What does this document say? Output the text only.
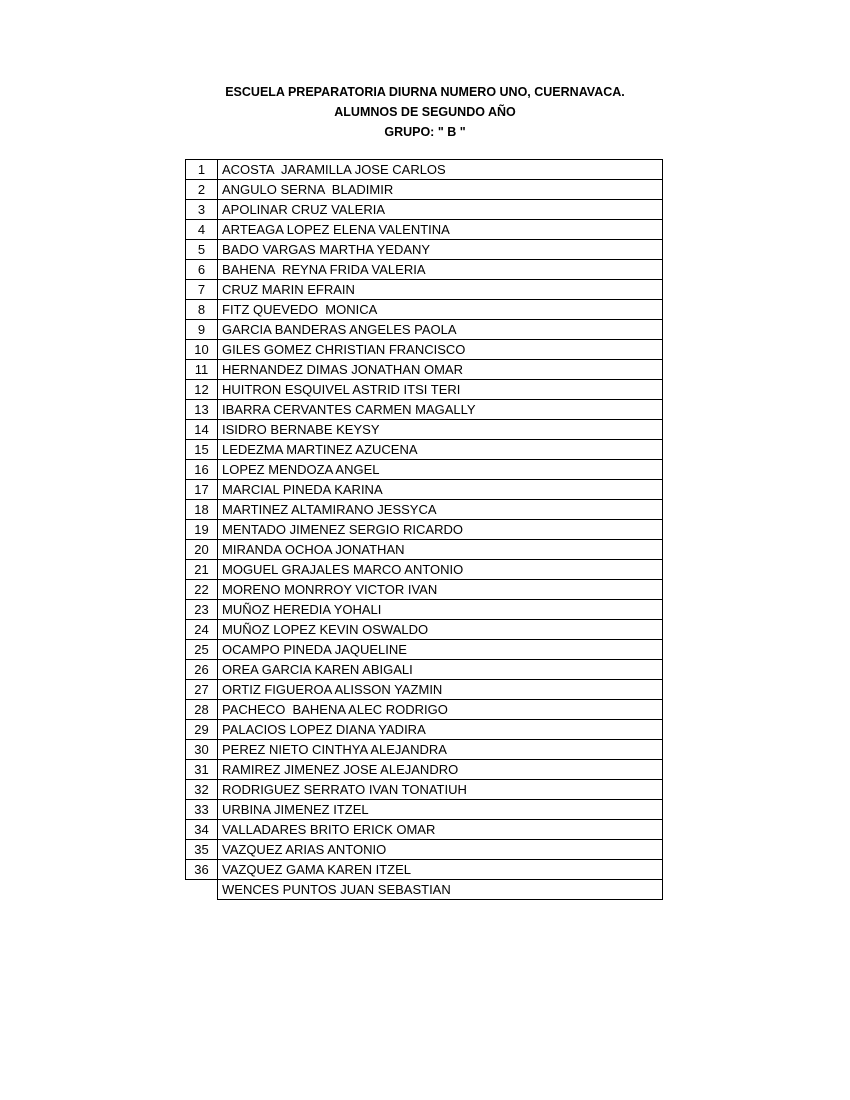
ESCUELA PREPARATORIA DIURNA NUMERO UNO, CUERNAVACA.
ALUMNOS DE SEGUNDO AÑO
GRUPO: " B "
1	ACOSTA  JARAMILLA JOSE CARLOS
2	ANGULO SERNA  BLADIMIR
3	APOLINAR CRUZ VALERIA
4	ARTEAGA LOPEZ ELENA VALENTINA
5	BADO VARGAS MARTHA YEDANY
6	BAHENA  REYNA FRIDA VALERIA
7	CRUZ MARIN EFRAIN
8	FITZ QUEVEDO  MONICA
9	GARCIA BANDERAS ANGELES PAOLA
10	GILES GOMEZ CHRISTIAN FRANCISCO
11	HERNANDEZ DIMAS JONATHAN OMAR
12	HUITRON ESQUIVEL ASTRID ITSI TERI
13	IBARRA CERVANTES CARMEN MAGALLY
14	ISIDRO BERNABE KEYSY
15	LEDEZMA MARTINEZ AZUCENA
16	LOPEZ MENDOZA ANGEL
17	MARCIAL PINEDA KARINA
18	MARTINEZ ALTAMIRANO JESSYCA
19	MENTADO JIMENEZ SERGIO RICARDO
20	MIRANDA OCHOA JONATHAN
21	MOGUEL GRAJALES MARCO ANTONIO
22	MORENO MONRROY VICTOR IVAN
23	MUÑOZ HEREDIA YOHALI
24	MUÑOZ LOPEZ KEVIN OSWALDO
25	OCAMPO PINEDA JAQUELINE
26	OREA GARCIA KAREN ABIGALI
27	ORTIZ FIGUEROA ALISSON YAZMIN
28	PACHECO  BAHENA ALEC RODRIGO
29	PALACIOS LOPEZ DIANA YADIRA
30	PEREZ NIETO CINTHYA ALEJANDRA
31	RAMIREZ JIMENEZ JOSE ALEJANDRO
32	RODRIGUEZ SERRATO IVAN TONATIUH
33	URBINA JIMENEZ ITZEL
34	VALLADARES BRITO ERICK OMAR
35	VAZQUEZ ARIAS ANTONIO
36	VAZQUEZ GAMA KAREN ITZEL
	WENCES PUNTOS JUAN SEBASTIAN
